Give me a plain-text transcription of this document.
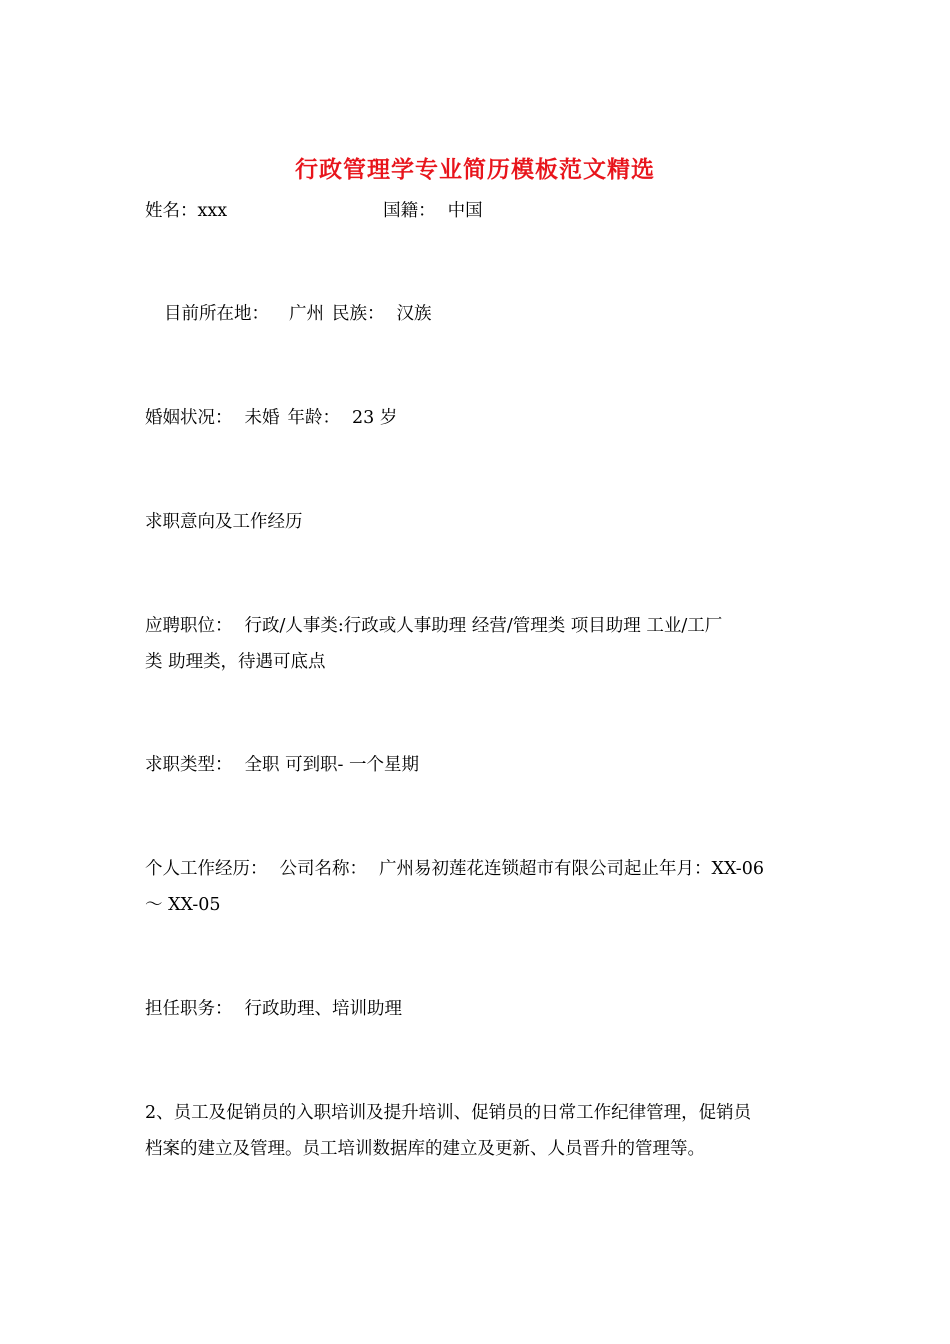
行政管理学专业简历模板范文精选
姓名：xxx	国籍： 中国
目前所在地： 广州 民族： 汉族
婚姻状况： 未婚 年龄： 23 岁
求职意向及工作经历
应聘职位： 行政/人事类:行政或人事助理 经营/管理类 项目助理 工业/工厂
类 助理类，待遇可底点
求职类型： 全职 可到职- 一个星期
个人工作经历： 公司名称： 广州易初莲花连锁超市有限公司起止年月：XX-06
～ XX-05
担任职务： 行政助理、培训助理
2、员工及促销员的入职培训及提升培训、促销员的日常工作纪律管理，促销员
档案的建立及管理。员工培训数据库的建立及更新、人员晋升的管理等。
